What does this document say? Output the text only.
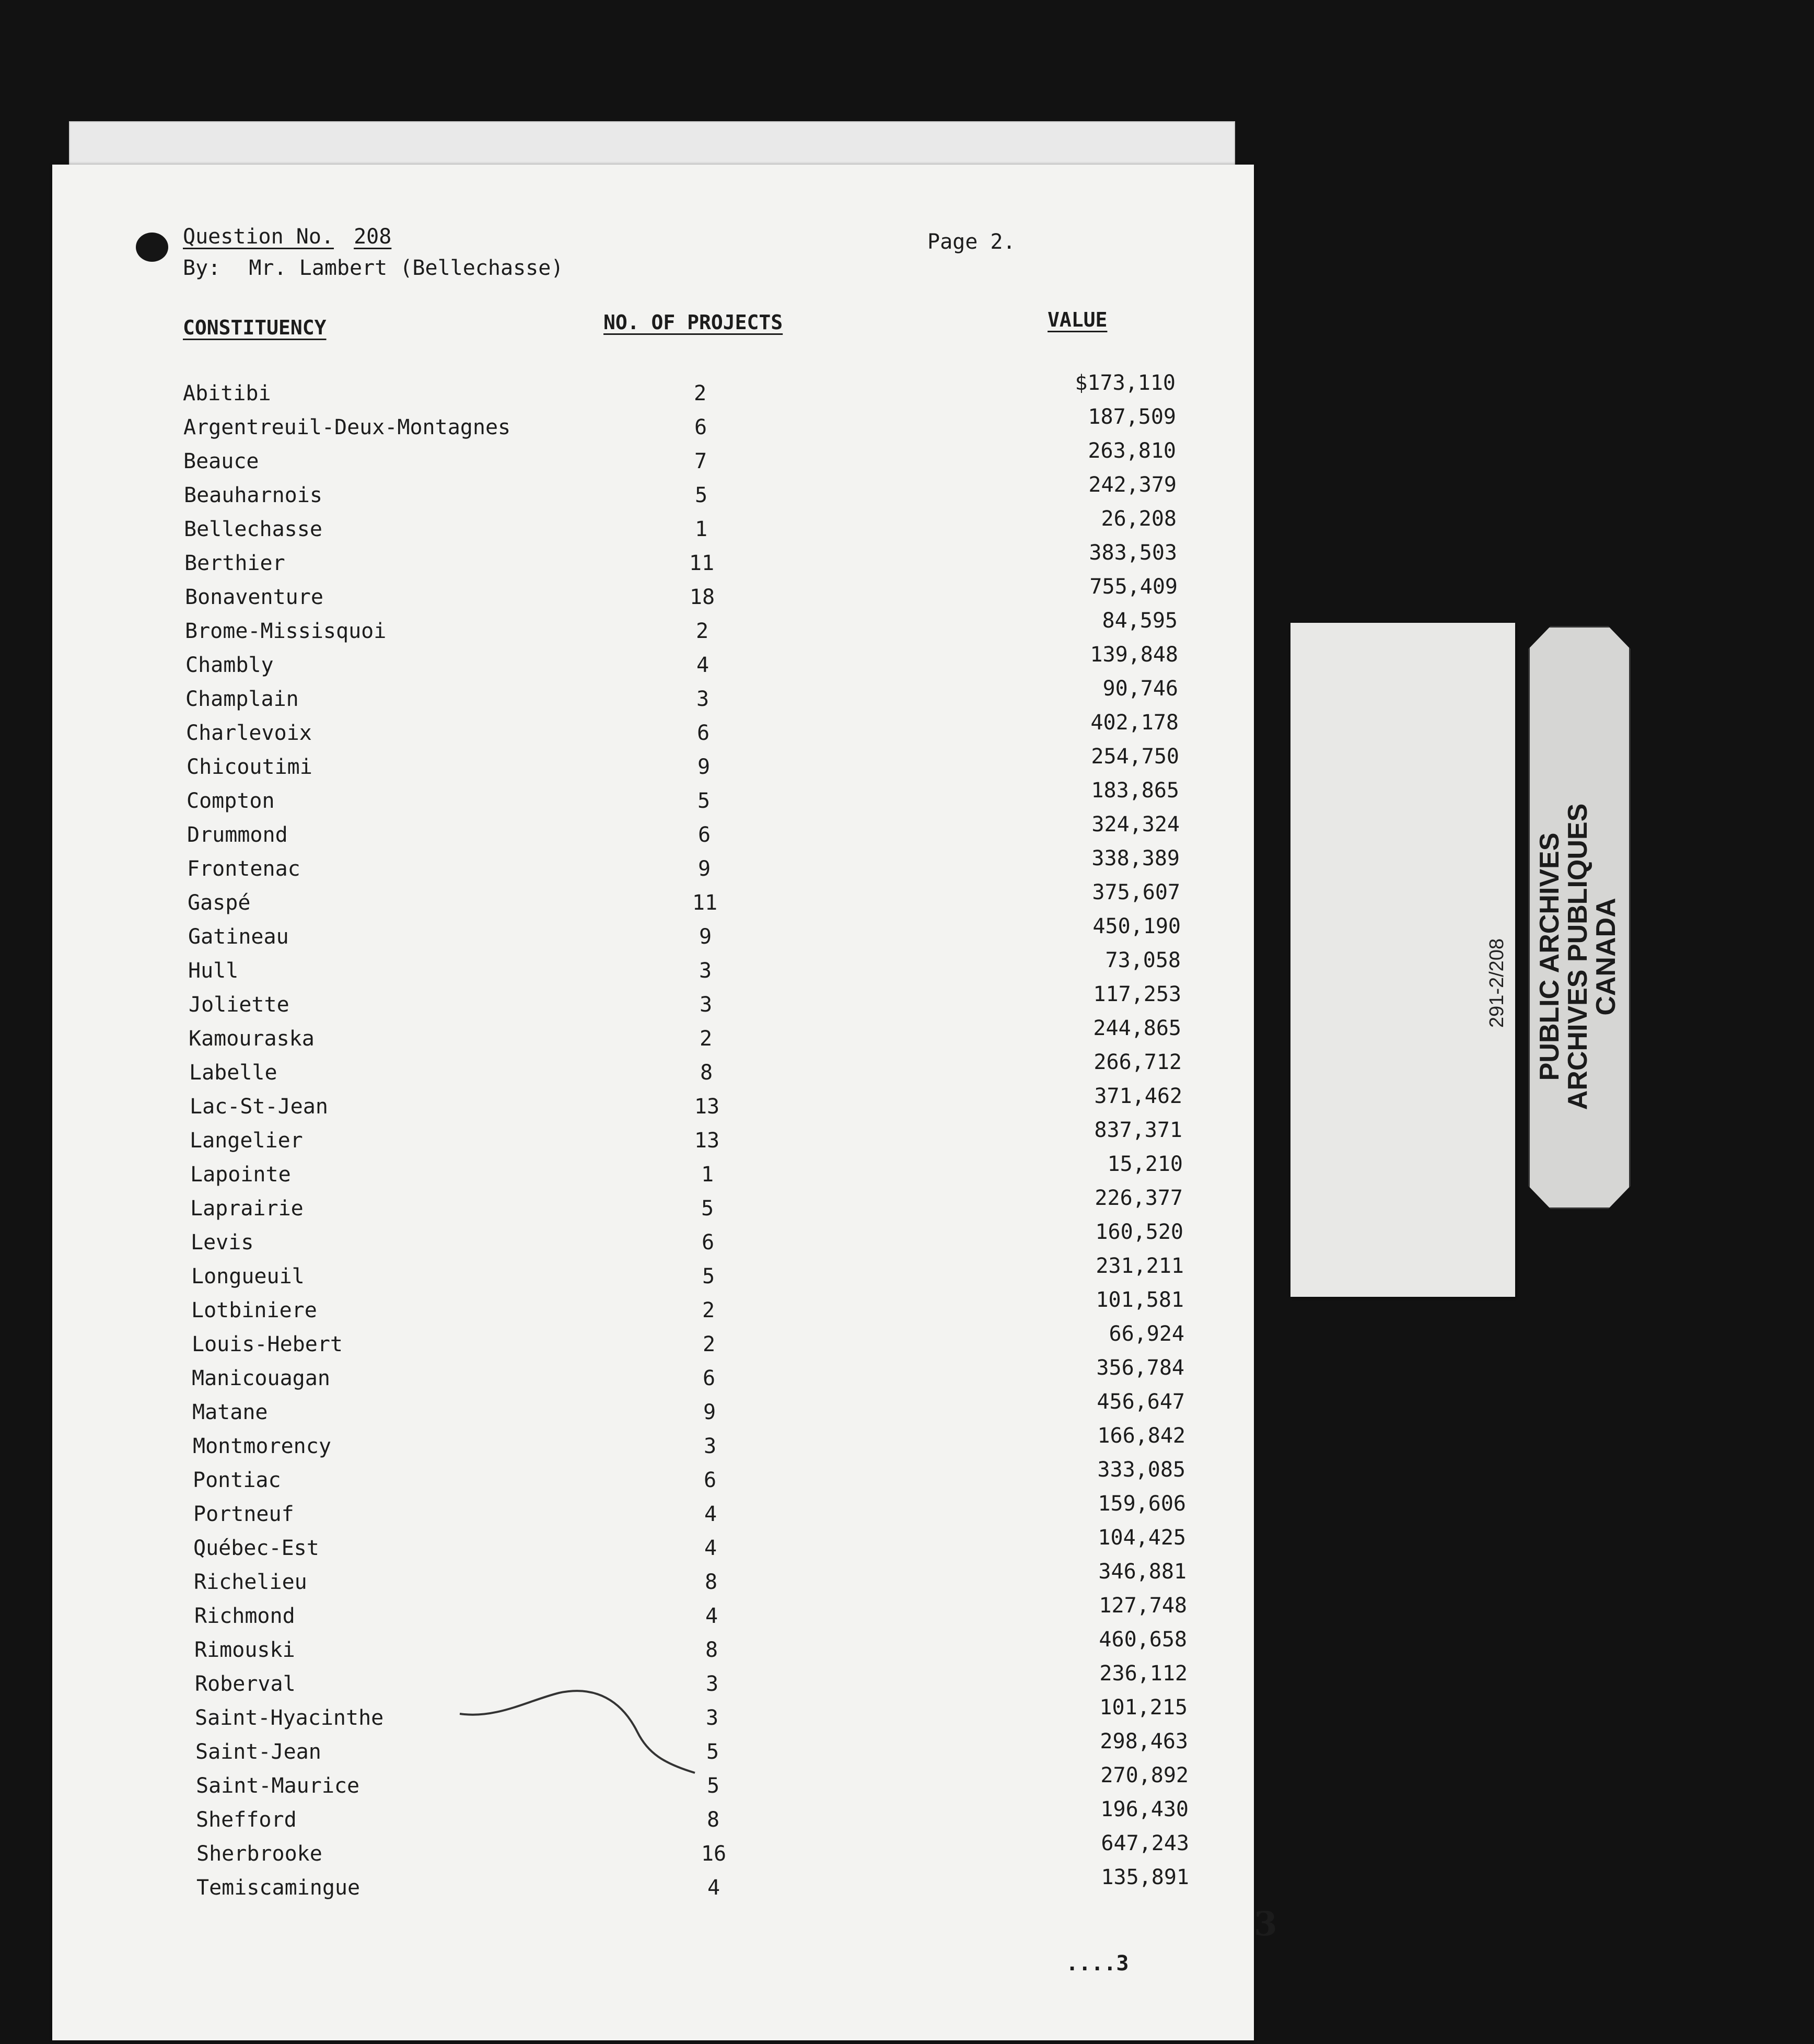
Question No. 208
By: Mr. Lambert (Bellechasse)
Page 2.
CONSTITUENCY	NO. OF PROJECTS	VALUE
Abitibi	2	$173,110
Argentreuil-Deux-Montagnes	6	187,509
Beauce	7	263,810
Beauharnois	5	242,379
Bellechasse	1	26,208
Berthier	11	383,503
Bonaventure	18	755,409
Brome-Missisquoi	2	84,595
Chambly	4	139,848
Champlain	3	90,746
Charlevoix	6	402,178
Chicoutimi	9	254,750
Compton	5	183,865
Drummond	6	324,324
Frontenac	9	338,389
Gaspé	11	375,607
Gatineau	9	450,190
Hull	3	73,058
Joliette	3	117,253
Kamouraska	2	244,865
Labelle	8	266,712
Lac-St-Jean	13	371,462
Langelier	13	837,371
Lapointe	1	15,210
Laprairie	5	226,377
Levis	6	160,520
Longueuil	5	231,211
Lotbiniere	2	101,581
Louis-Hebert	2	66,924
Manicouagan	6	356,784
Matane	9	456,647
Montmorency	3	166,842
Pontiac	6	333,085
Portneuf	4	159,606
Québec-Est	4	104,425
Richelieu	8	346,881
Richmond	4	127,748
Rimouski	8	460,658
Roberval	3	236,112
Saint-Hyacinthe	3	101,215
Saint-Jean	5	298,463
Saint-Maurice	5	270,892
Shefford	8	196,430
Sherbrooke	16	647,243
Temiscamingue	4	135,891
....3
3
291-2/208 PUBLIC ARCHIVES
ARCHIVES PUBLIQUES
CANADA
